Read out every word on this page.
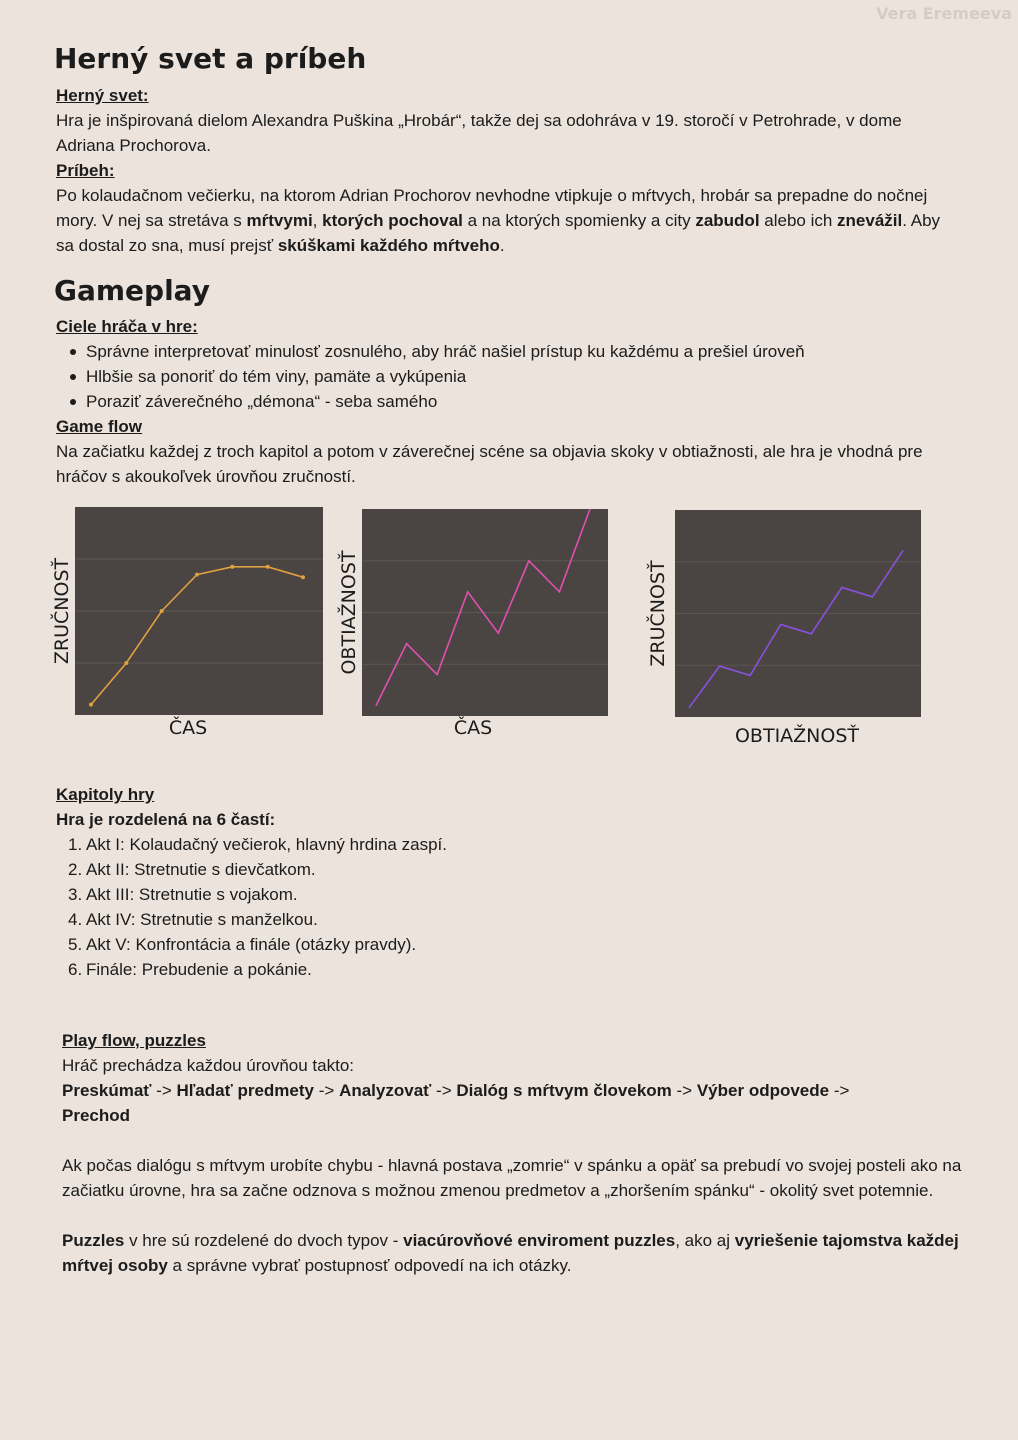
Vera Eremeeva
Herný svet a príbeh
Herný svet:
Hra je inšpirovaná dielom Alexandra Puškina „Hrobár“, takže dej sa odohráva v 19. storočí v Petrohrade, v dome Adriana Prochorova.
Príbeh:
Po kolaudačnom večierku, na ktorom Adrian Prochorov nevhodne vtipkuje o mŕtvych, hrobár sa prepadne do nočnej mory. V nej sa stretáva s mŕtvymi, ktorých pochoval a na ktorých spomienky a city zabudol alebo ich znevážil. Aby sa dostal zo sna, musí prejsť skúškami každého mŕtveho.
Gameplay
Ciele hráča v hre:
Správne interpretovať minulosť zosnulého, aby hráč našiel prístup ku každému a prešiel úroveň
Hlbšie sa ponoriť do tém viny, pamäte a vykúpenia
Poraziť záverečného „démona“ - seba samého
Game flow
Na začiatku každej z troch kapitol a potom v záverečnej scéne sa objavia skoky v obtiažnosti, ale hra je vhodná pre hráčov s akoukoľvek úrovňou zručností.
ČAS
ZRUČNOSŤ
ČAS
OBTIAŽNOSŤ
OBTIAŽNOSŤ
ZRUČNOSŤ
Kapitoly hry
Hra je rozdelená na 6 častí:
1. Akt I: Kolaudačný večierok, hlavný hrdina zaspí.
2. Akt II: Stretnutie s dievčatkom.
3. Akt III: Stretnutie s vojakom.
4. Akt IV: Stretnutie s manželkou.
5. Akt V: Konfrontácia a finále (otázky pravdy).
6. Finále: Prebudenie a pokánie.
Play flow, puzzles
Hráč prechádza každou úrovňou takto:
Preskúmať -> Hľadať predmety -> Analyzovať -> Dialóg s mŕtvym človekom -> Výber odpovede ->
Prechod
Ak počas dialógu s mŕtvym urobíte chybu - hlavná postava „zomrie“ v spánku a opäť sa prebudí vo svojej posteli ako na začiatku úrovne, hra sa začne odznova s možnou zmenou predmetov a „zhoršením spánku“ - okolitý svet potemnie.
Puzzles v hre sú rozdelené do dvoch typov - viacúrovňové enviroment puzzles, ako aj vyriešenie tajomstva každej mŕtvej osoby a správne vybrať postupnosť odpovedí na ich otázky.
